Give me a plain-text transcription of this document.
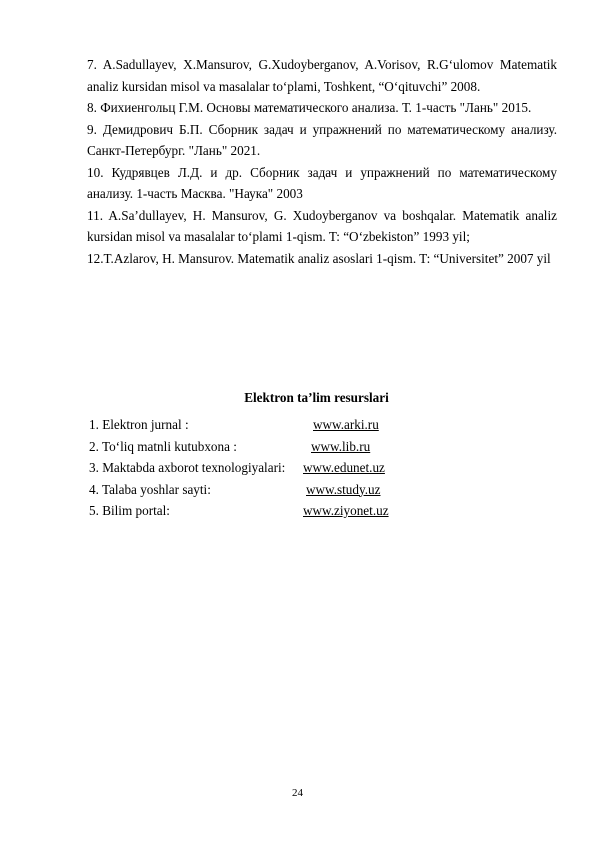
7. A.Sadullayev, X.Mansurov, G.Xudoyberganov, A.Vorisov, R.G‘ulomov Matematik analiz kursidan misol va masalalar to‘plami, Toshkent, “O‘qituvchi” 2008.

8. Фихиенгольц Г.М. Основы математического анализа. Т. 1-часть "Лань" 2015.

9. Демидрович Б.П. Сборник задач и упражнений по математическому анализу. Санкт-Петербург. "Лань" 2021.

10. Кудрявцев Л.Д. и др. Сборник задач и упражнений по математическому анализу. 1-часть Масква. "Наука" 2003

11. A.Sa’dullayev, H. Mansurov, G. Xudoyberganov va boshqalar. Matematik analiz kursidan misol va masalalar to‘plami 1-qism. T: “O‘zbekiston” 1993 yil;

12.T.Azlarov, H. Mansurov. Matematik analiz asoslari 1-qism. T: “Universitet” 2007 yil

Elektron ta’lim resurslari
1. Elektron jurnal :	www.arki.ru
2. To‘liq matnli kutubxona :	www.lib.ru
3. Maktabda axborot texnologiyalari: www.edunet.uz
4. Talaba yoshlar sayti:	www.study.uz
5. Bilim portal:	www.ziyonet.uz
24
